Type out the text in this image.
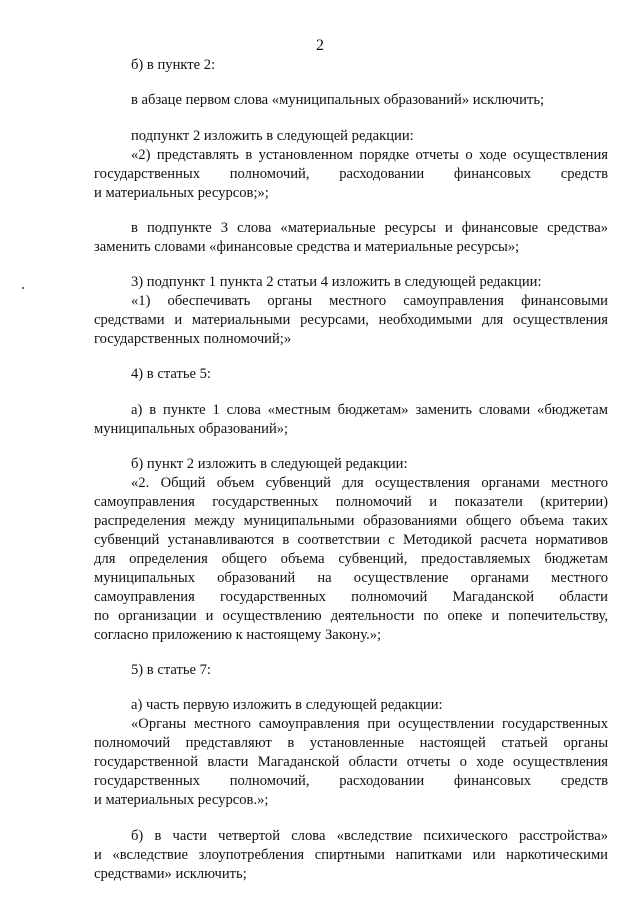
2
б) в пункте 2:
в абзаце первом слова «муниципальных образований» исключить;
подпункт 2 изложить в следующей редакции:
«2) представлять в установленном порядке отчеты о ходе осуществления
государственных полномочий, расходовании финансовых средств
и материальных ресурсов;»;
в подпункте 3 слова «материальные ресурсы и финансовые средства»
заменить словами «финансовые средства и материальные ресурсы»;
3) подпункт 1 пункта 2 статьи 4 изложить в следующей редакции:
«1) обеспечивать органы местного самоуправления финансовыми
средствами и материальными ресурсами, необходимыми для осуществления
государственных полномочий;»
4) в статье 5:
а) в пункте 1 слова «местным бюджетам» заменить словами «бюджетам
муниципальных образований»;
б) пункт 2 изложить в следующей редакции:
«2. Общий объем субвенций для осуществления органами местного
самоуправления государственных полномочий и показатели (критерии)
распределения между муниципальными образованиями общего объема таких
субвенций устанавливаются в соответствии с Методикой расчета нормативов
для определения общего объема субвенций, предоставляемых бюджетам
муниципальных образований на осуществление органами местного
самоуправления государственных полномочий Магаданской области
по организации и осуществлению деятельности по опеке и попечительству,
согласно приложению к настоящему Закону.»;
5) в статье 7:
а) часть первую изложить в следующей редакции:
«Органы местного самоуправления при осуществлении государственных
полномочий представляют в установленные настоящей статьей органы
государственной власти Магаданской области отчеты о ходе осуществления
государственных полномочий, расходовании финансовых средств
и материальных ресурсов.»;
б) в части четвертой слова «вследствие психического расстройства»
и «вследствие злоупотребления спиртными напитками или наркотическими
средствами» исключить;
